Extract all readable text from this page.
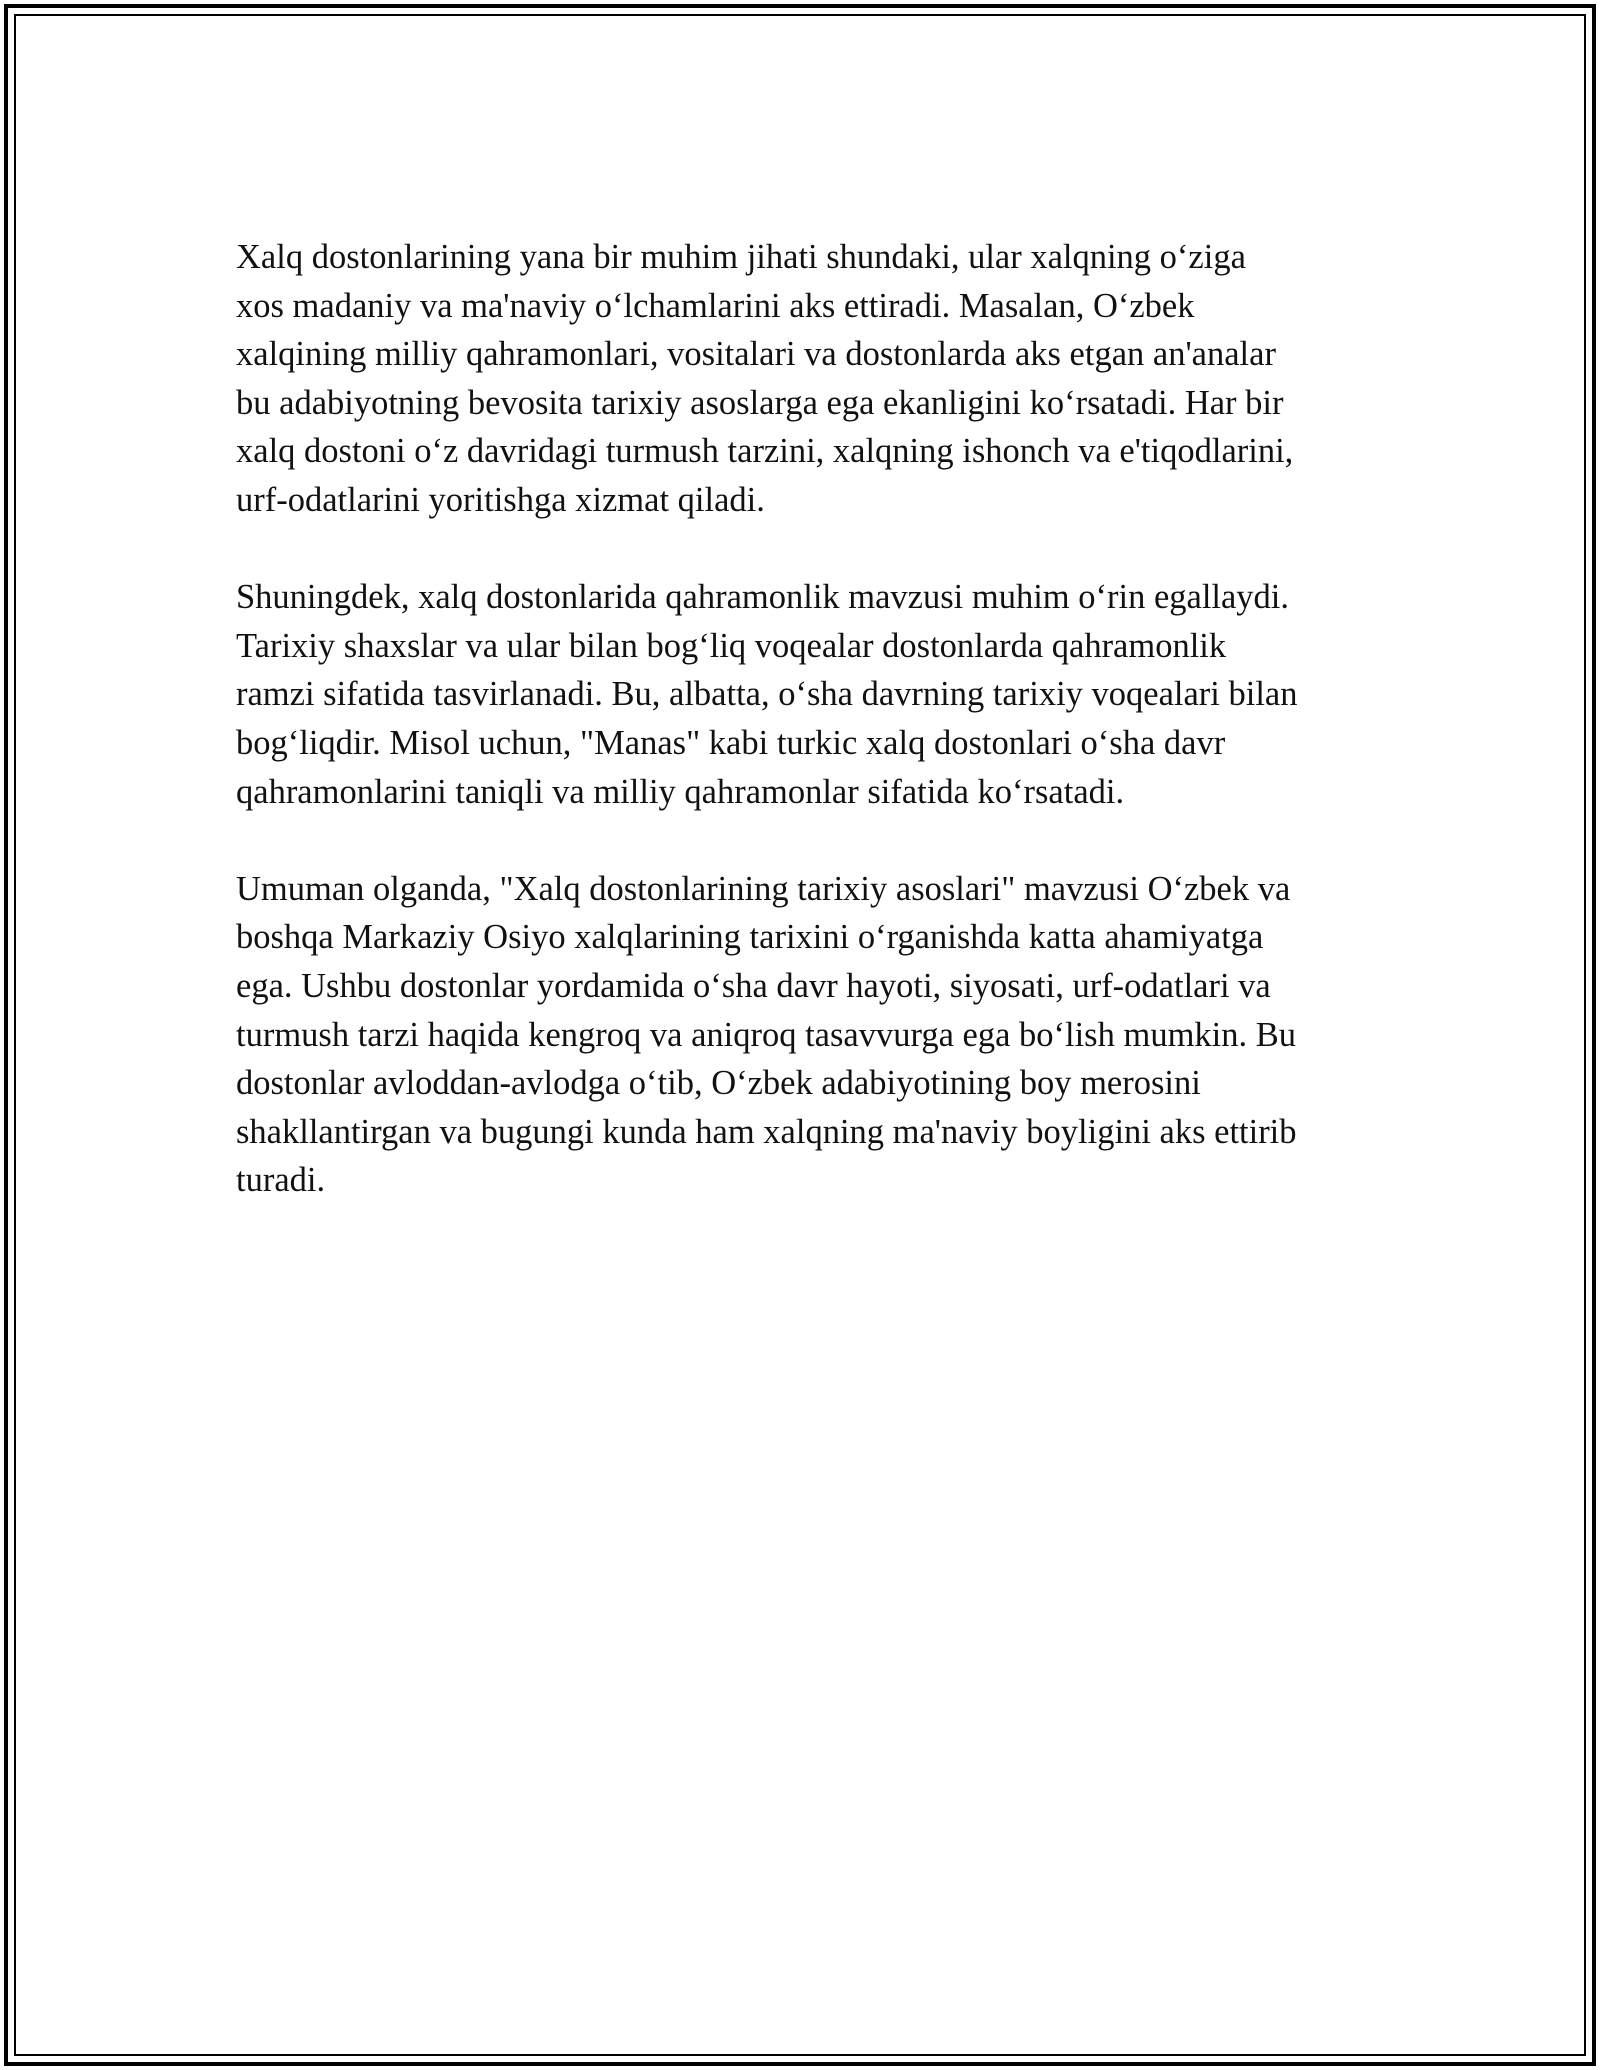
Xalq dostonlarining yana bir muhim jihati shundaki, ular xalqning o‘ziga
xos madaniy va ma'naviy o‘lchamlarini aks ettiradi. Masalan, O‘zbek
xalqining milliy qahramonlari, vositalari va dostonlarda aks etgan an'analar
bu adabiyotning bevosita tarixiy asoslarga ega ekanligini ko‘rsatadi. Har bir
xalq dostoni o‘z davridagi turmush tarzini, xalqning ishonch va e'tiqodlarini,
urf-odatlarini yoritishga xizmat qiladi.

Shuningdek, xalq dostonlarida qahramonlik mavzusi muhim o‘rin egallaydi.
Tarixiy shaxslar va ular bilan bog‘liq voqealar dostonlarda qahramonlik
ramzi sifatida tasvirlanadi. Bu, albatta, o‘sha davrning tarixiy voqealari bilan
bog‘liqdir. Misol uchun, "Manas" kabi turkic xalq dostonlari o‘sha davr
qahramonlarini taniqli va milliy qahramonlar sifatida ko‘rsatadi.

Umuman olganda, "Xalq dostonlarining tarixiy asoslari" mavzusi O‘zbek va
boshqa Markaziy Osiyo xalqlarining tarixini o‘rganishda katta ahamiyatga
ega. Ushbu dostonlar yordamida o‘sha davr hayoti, siyosati, urf-odatlari va
turmush tarzi haqida kengroq va aniqroq tasavvurga ega bo‘lish mumkin. Bu
dostonlar avloddan-avlodga o‘tib, O‘zbek adabiyotining boy merosini
shakllantirgan va bugungi kunda ham xalqning ma'naviy boyligini aks ettirib
turadi.
